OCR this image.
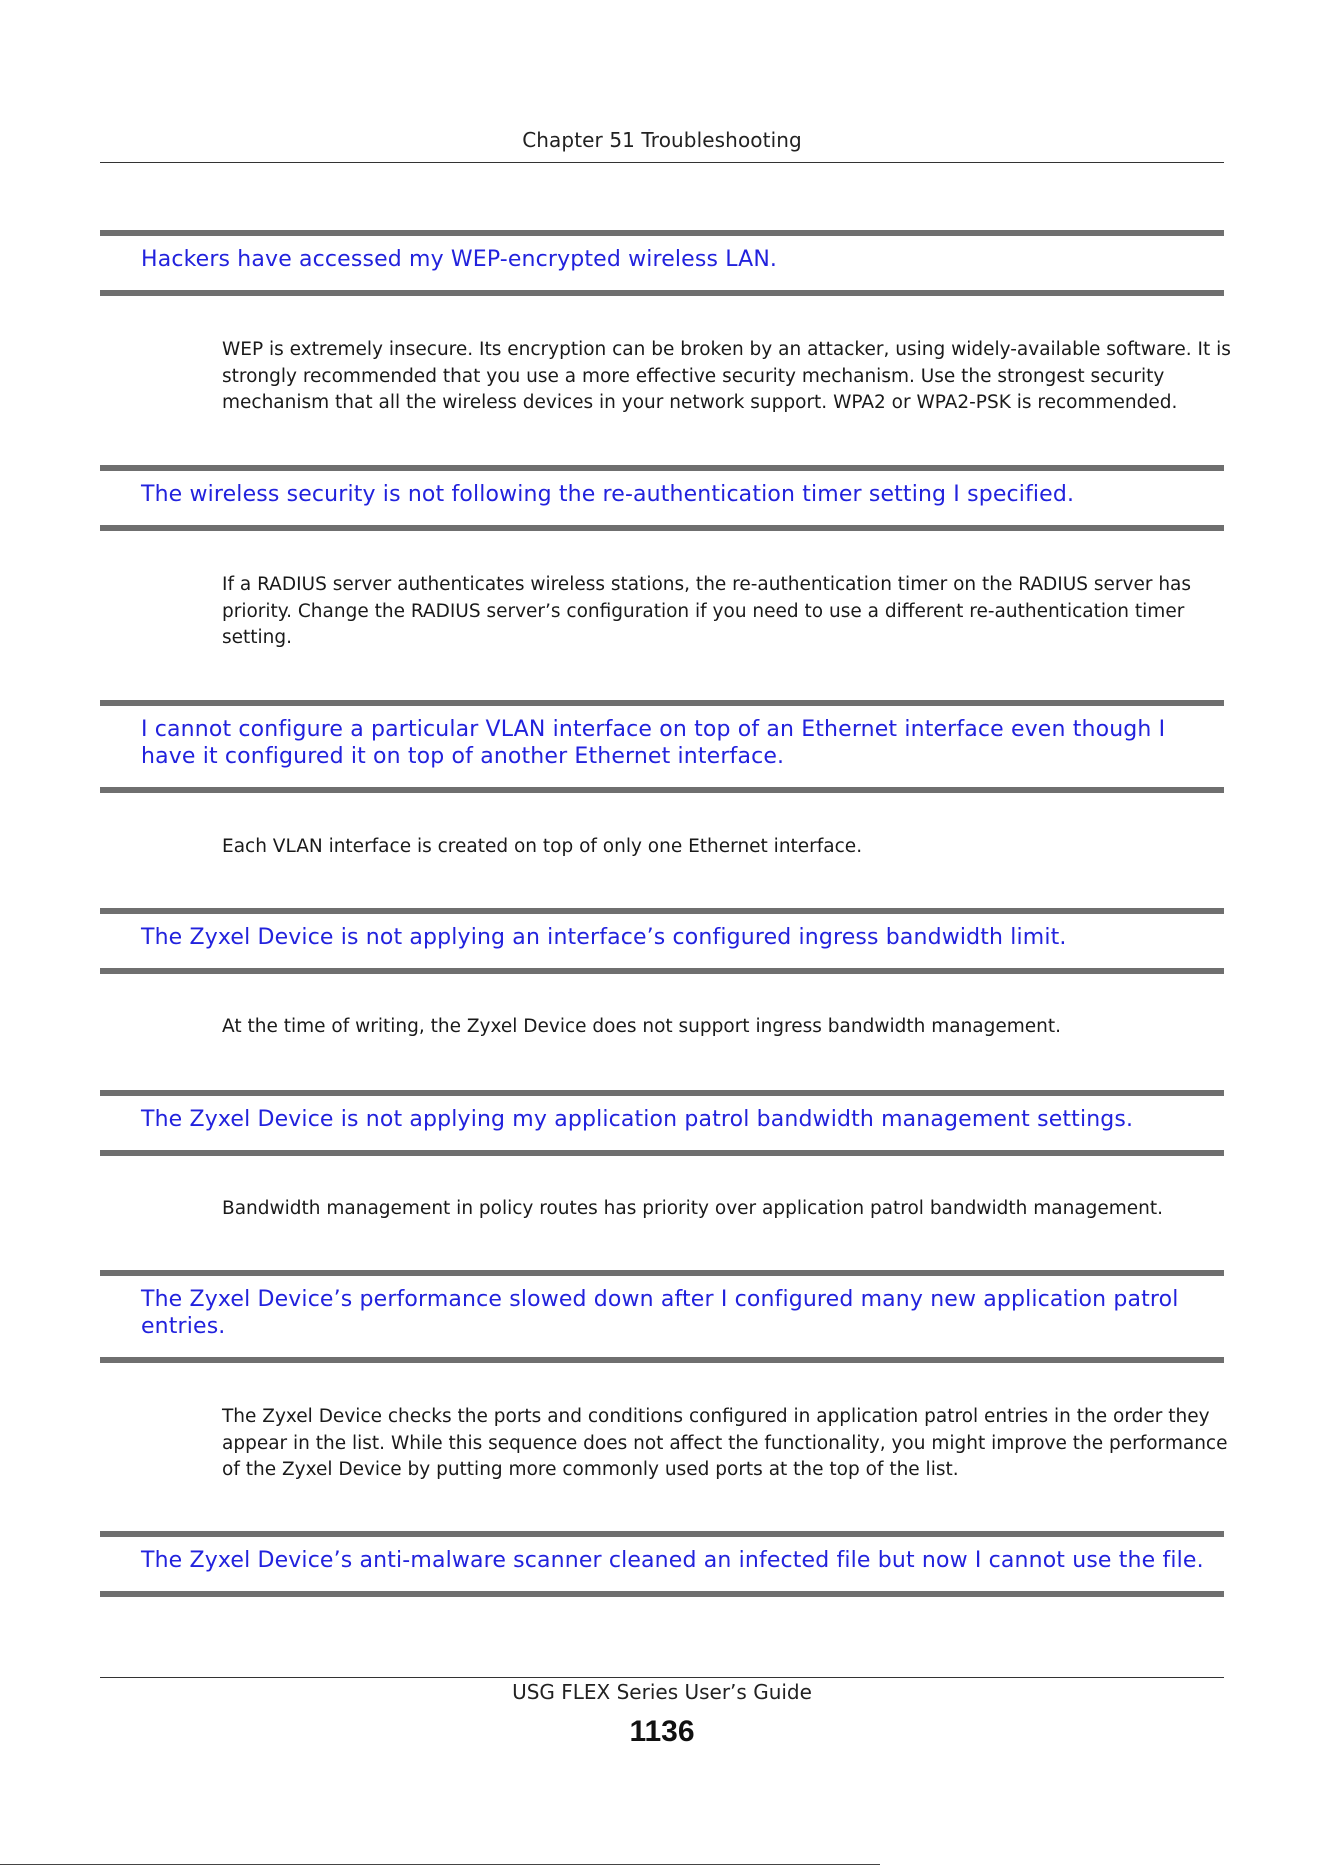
Chapter 51 Troubleshooting

Hackers have accessed my WEP-encrypted wireless LAN.

WEP is extremely insecure. Its encryption can be broken by an attacker, using widely-available software. It is strongly recommended that you use a more effective security mechanism. Use the strongest security mechanism that all the wireless devices in your network support. WPA2 or WPA2-PSK is recommended.

The wireless security is not following the re-authentication timer setting I specified.

If a RADIUS server authenticates wireless stations, the re-authentication timer on the RADIUS server has priority. Change the RADIUS server’s configuration if you need to use a different re-authentication timer setting.

I cannot configure a particular VLAN interface on top of an Ethernet interface even though I have it configured it on top of another Ethernet interface.

Each VLAN interface is created on top of only one Ethernet interface.

The Zyxel Device is not applying an interface’s configured ingress bandwidth limit.

At the time of writing, the Zyxel Device does not support ingress bandwidth management.

The Zyxel Device is not applying my application patrol bandwidth management settings.

Bandwidth management in policy routes has priority over application patrol bandwidth management.

The Zyxel Device’s performance slowed down after I configured many new application patrol entries.

The Zyxel Device checks the ports and conditions configured in application patrol entries in the order they appear in the list. While this sequence does not affect the functionality, you might improve the performance of the Zyxel Device by putting more commonly used ports at the top of the list.

The Zyxel Device’s anti-malware scanner cleaned an infected file but now I cannot use the file.

USG FLEX Series User’s Guide
1136
